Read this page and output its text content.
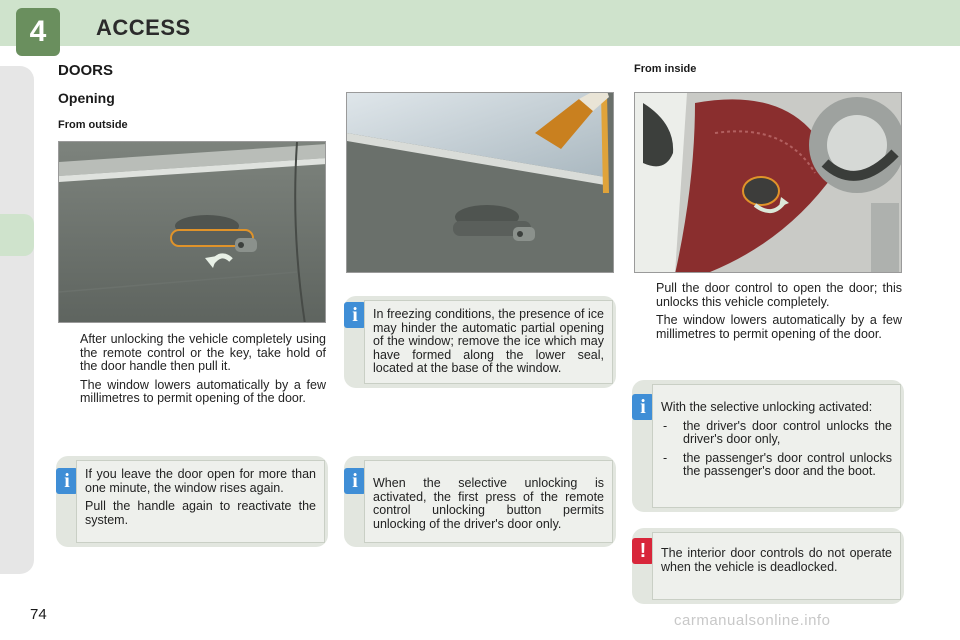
4	ACCESS
DOORS
Opening
From outside
From inside
After unlocking the vehicle completely using the remote control or the key, take hold of the door handle then pull it.

The window lowers automatically by a few millimetres to permit opening of the door.

Pull the door control to open the door; this unlocks this vehicle completely.

The window lowers automatically by a few millimetres to permit opening of the door.

i	If you leave the door open for more than one minute, the window rises again.

Pull the handle again to reactivate the system.

i	In freezing conditions, the presence of ice may hinder the automatic partial opening of the window; remove the ice which may have formed along the lower seal, located at the base of the window.

i	When the selective unlocking is activated, the first press of the remote control unlocking button permits unlocking of the driver's door only.

i	With the selective unlocking activated:

-	the driver's door control unlocks the driver's door only,
-	the passenger's door control unlocks the passenger's door and the boot.
!	The interior door controls do not operate when the vehicle is deadlocked.

74	carmanualsonline.info
